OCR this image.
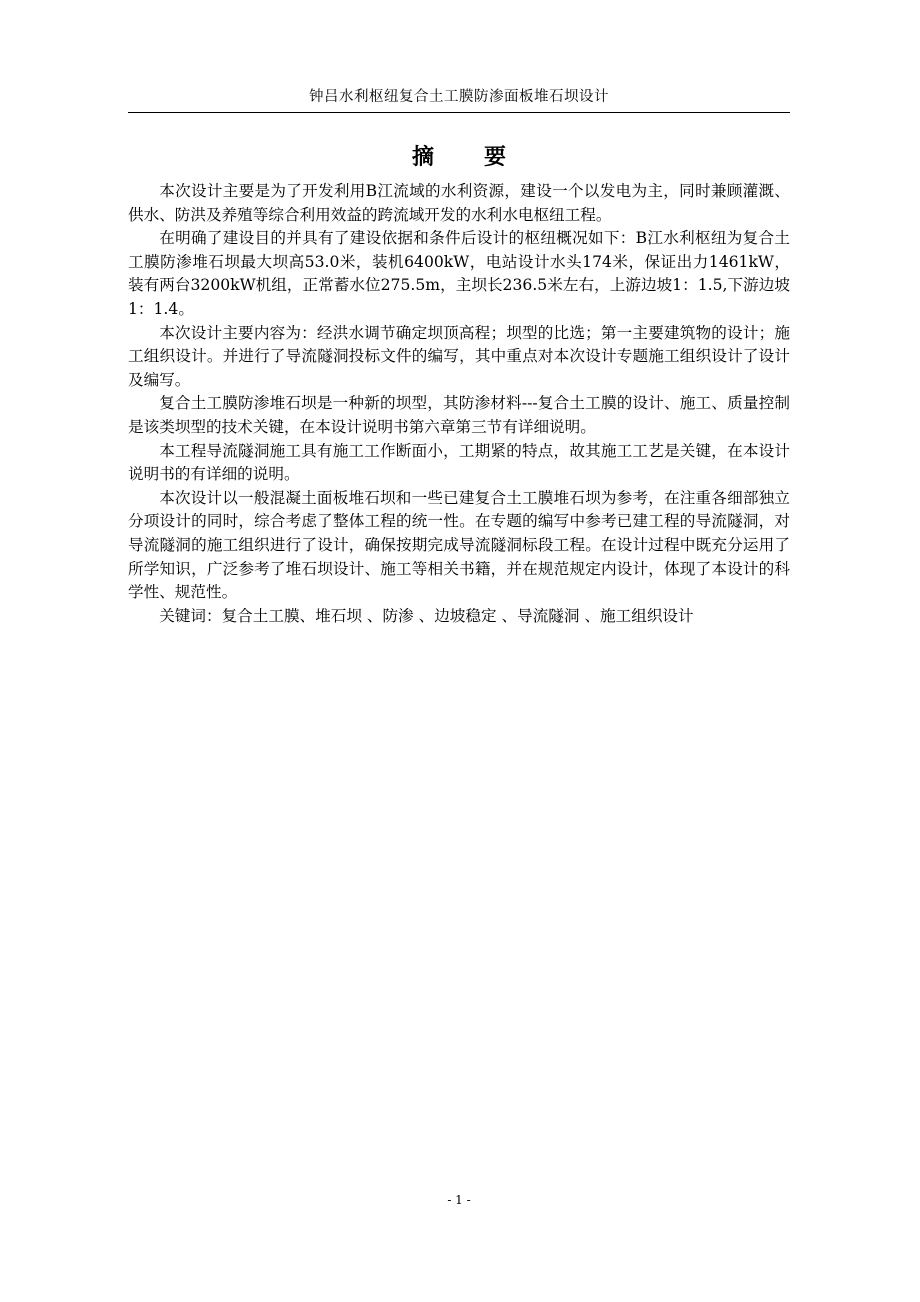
钟吕水利枢纽复合土工膜防渗面板堆石坝设计
摘 要

本次设计主要是为了开发利用B江流域的水利资源，建设一个以发电为主，同时兼顾灌溉、供水、防洪及养殖等综合利用效益的跨流域开发的水利水电枢纽工程。

在明确了建设目的并具有了建设依据和条件后设计的枢纽概况如下：B江水利枢纽为复合土工膜防渗堆石坝最大坝高53.0米，装机6400kW，电站设计水头174米，保证出力1461kW，装有两台3200kW机组，正常蓄水位275.5m，主坝长236.5米左右，上游边坡1：1.5,下游边坡1：1.4。

本次设计主要内容为：经洪水调节确定坝顶高程；坝型的比选；第一主要建筑物的设计；施工组织设计。并进行了导流隧洞投标文件的编写，其中重点对本次设计专题施工组织设计了设计及编写。

复合土工膜防渗堆石坝是一种新的坝型，其防渗材料---复合土工膜的设计、施工、质量控制是该类坝型的技术关键，在本设计说明书第六章第三节有详细说明。

本工程导流隧洞施工具有施工工作断面小，工期紧的特点，故其施工工艺是关键，在本设计说明书的有详细的说明。

本次设计以一般混凝土面板堆石坝和一些已建复合土工膜堆石坝为参考，在注重各细部独立分项设计的同时，综合考虑了整体工程的统一性。在专题的编写中参考已建工程的导流隧洞，对导流隧洞的施工组织进行了设计，确保按期完成导流隧洞标段工程。在设计过程中既充分运用了所学知识，广泛参考了堆石坝设计、施工等相关书籍，并在规范规定内设计，体现了本设计的科学性、规范性。

关键词：复合土工膜、堆石坝 、防渗 、边坡稳定 、导流隧洞 、施工组织设计

- 1 -
